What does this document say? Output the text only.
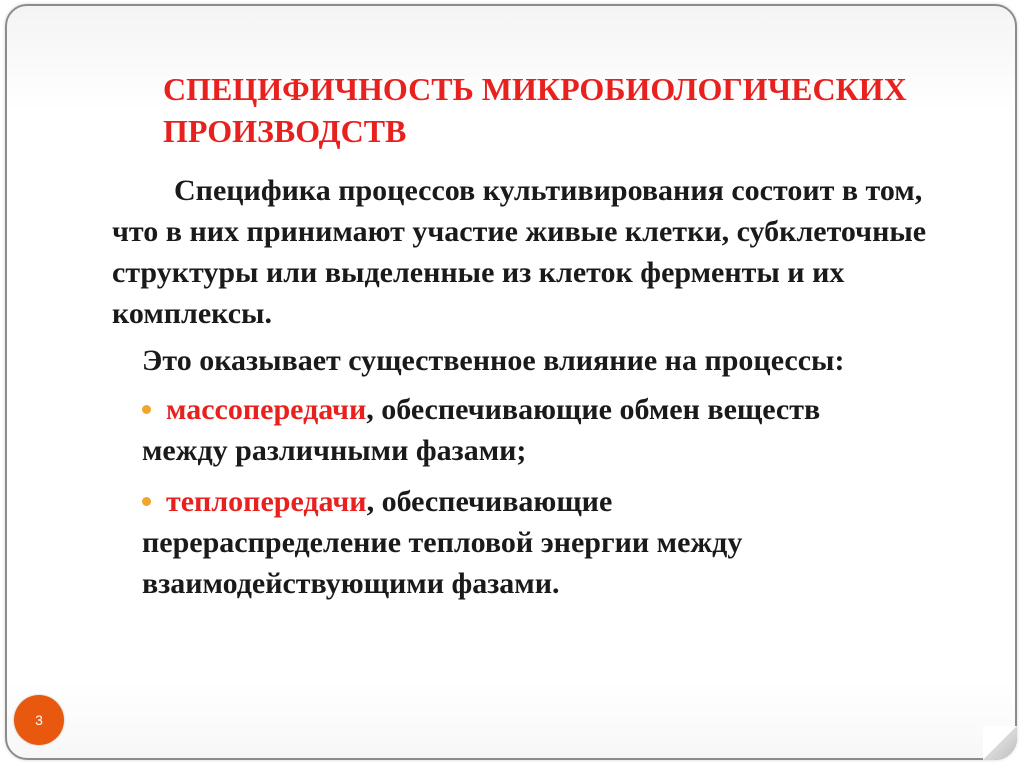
СПЕЦИФИЧНОСТЬ МИКРОБИОЛОГИЧЕСКИХ ПРОИЗВОДСТВ

Специфика процессов культивирования состоит в том, что в них принимают участие живые клетки, субклеточные структуры или выделенные из клеток ферменты и их комплексы.

Это оказывает существенное влияние на процессы:

массопередачи, обеспечивающие обмен веществ
между различными фазами;
теплопередачи, обеспечивающие
перераспределение тепловой энергии между взаимодействующими фазами.
3
